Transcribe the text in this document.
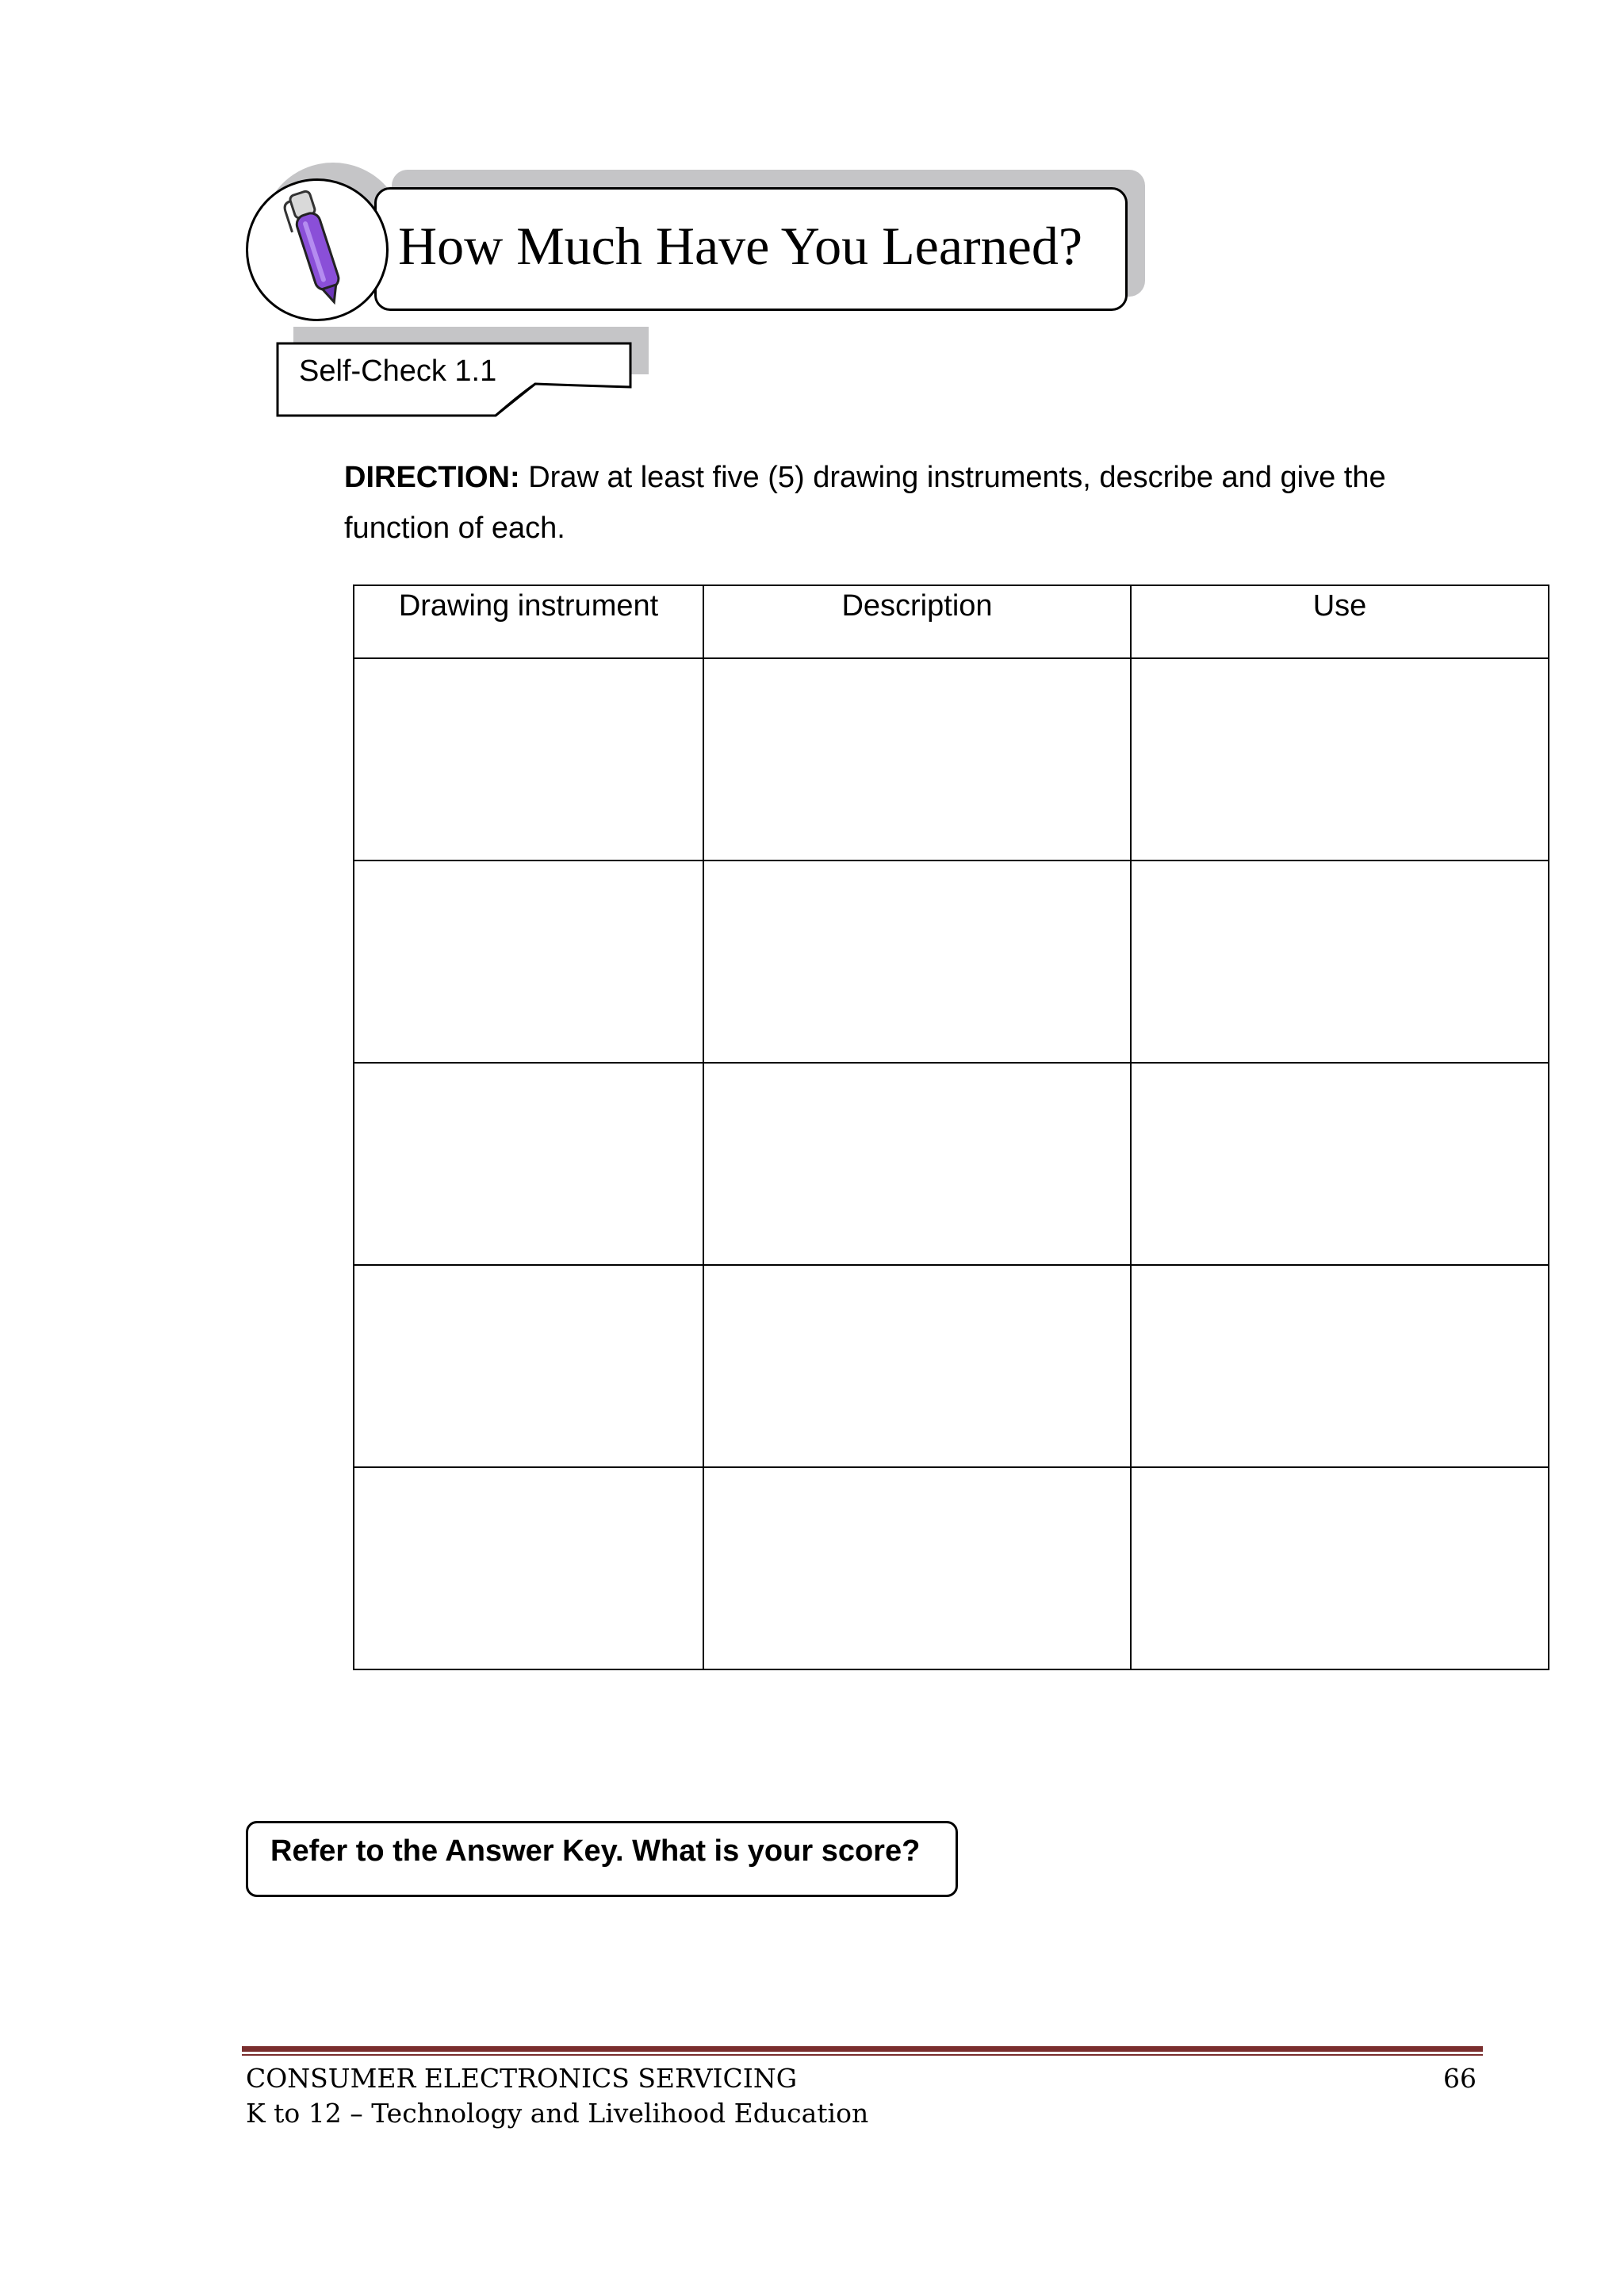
How Much Have You Learned?
Self-Check 1.1
DIRECTION: Draw at least five (5) drawing instruments, describe and give the function of each.
Drawing instrument	Description	Use

Refer to the Answer Key. What is your score?
CONSUMER ELECTRONICS SERVICING
K to 12 – Technology and Livelihood Education
66
